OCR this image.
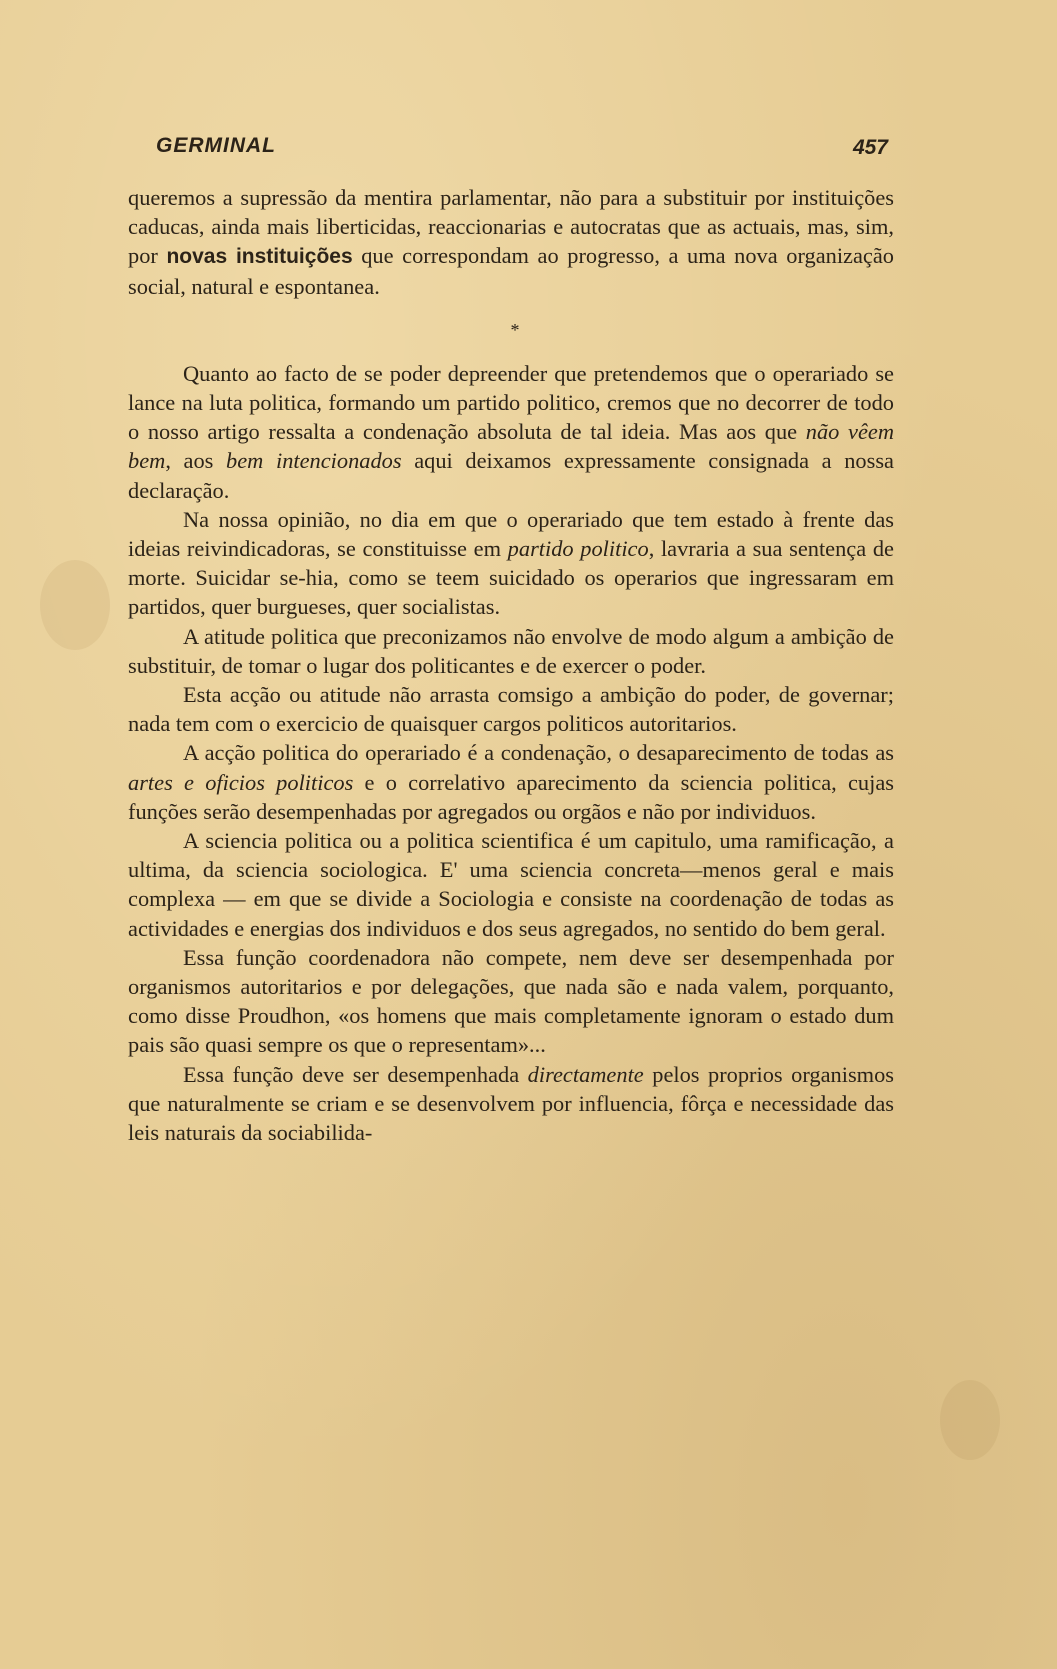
GERMINAL	457

queremos a supressão da mentira parlamentar, não para a substituir por instituições caducas, ainda mais liberticidas, reaccionarias e autocratas que as actuais, mas, sim, por novas instituições que correspondam ao progresso, a uma nova organização social, natural e espontanea.

*

Quanto ao facto de se poder depreender que pretendemos que o operariado se lance na luta politica, formando um partido politico, cremos que no decorrer de todo o nosso artigo ressalta a condenação absoluta de tal ideia. Mas aos que não vêem bem, aos bem intencionados aqui deixamos expressamente consignada a nossa declaração.

Na nossa opinião, no dia em que o operariado que tem estado à frente das ideias reivindicadoras, se constituisse em partido politico, lavraria a sua sentença de morte. Suicidar se-hia, como se teem suicidado os operarios que ingressaram em partidos, quer burgueses, quer socialistas.

A atitude politica que preconizamos não envolve de modo algum a ambição de substituir, de tomar o lugar dos politicantes e de exercer o poder.

Esta acção ou atitude não arrasta comsigo a ambição do poder, de governar; nada tem com o exercicio de quaisquer cargos politicos autoritarios.

A acção politica do operariado é a condenação, o desaparecimento de todas as artes e oficios politicos e o correlativo aparecimento da sciencia politica, cujas funções serão desempenhadas por agregados ou orgãos e não por individuos.

A sciencia politica ou a politica scientifica é um capitulo, uma ramificação, a ultima, da sciencia sociologica. E' uma sciencia concreta—menos geral e mais complexa — em que se divide a Sociologia e consiste na coordenação de todas as actividades e energias dos individuos e dos seus agregados, no sentido do bem geral.

Essa função coordenadora não compete, nem deve ser desempenhada por organismos autoritarios e por delegações, que nada são e nada valem, porquanto, como disse Proudhon, «os homens que mais completamente ignoram o estado dum pais são quasi sempre os que o representam»...

Essa função deve ser desempenhada directamente pelos proprios organismos que naturalmente se criam e se desenvolvem por influencia, fôrça e necessidade das leis naturais da sociabilida-
